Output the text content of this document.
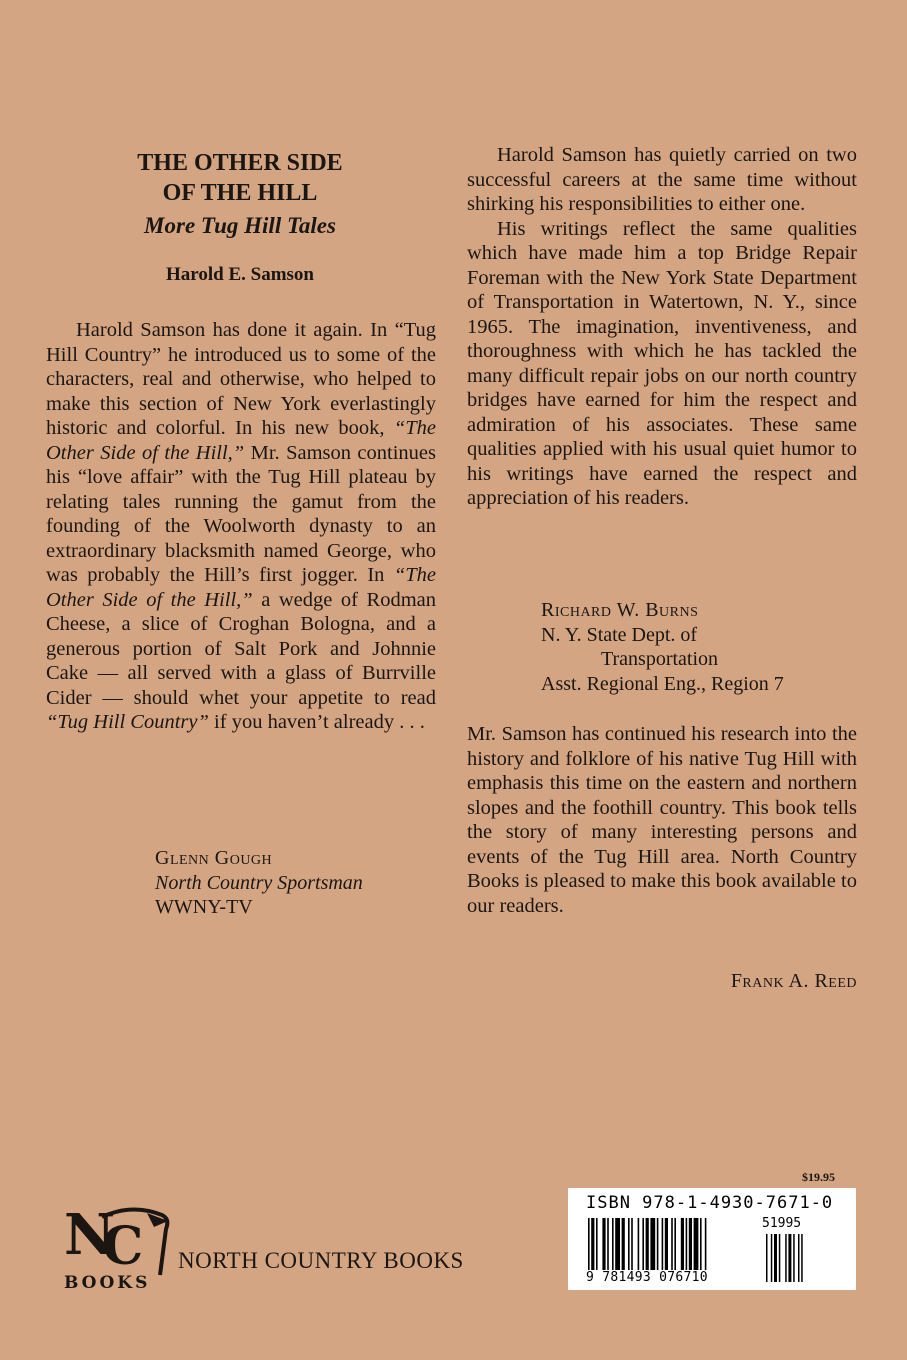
THE OTHER SIDE
OF THE HILL
More Tug Hill Tales
Harold E. Samson

Harold Samson has done it again. In “Tug Hill Country” he introduced us to some of the characters, real and otherwise, who helped to make this section of New York everlastingly historic and colorful. In his new book, “The Other Side of the Hill,” Mr. Samson continues his “love affair” with the Tug Hill plateau by relating tales running the gamut from the founding of the Woolworth dynasty to an extraordinary blacksmith named George, who was probably the Hill’s first jogger. In “The Other Side of the Hill,” a wedge of Rodman Cheese, a slice of Croghan Bologna, and a generous portion of Salt Pork and Johnnie Cake — all served with a glass of Burrville Cider — should whet your appetite to read “Tug Hill Country” if you haven’t already . . .

Glenn Gough
North Country Sportsman
WWNY-TV

Harold Samson has quietly carried on two successful careers at the same time without shirking his responsibilities to either one.

His writings reflect the same qualities which have made him a top Bridge Repair Foreman with the New York State Department of Transportation in Watertown, N. Y., since 1965. The imagination, inventiveness, and thoroughness with which he has tackled the many difficult repair jobs on our north country bridges have earned for him the respect and admiration of his associates. These same qualities applied with his usual quiet humor to his writings have earned the respect and appreciation of his readers.

Richard W. Burns
N. Y. State Dept. of
Transportation
Asst. Regional Eng., Region 7

Mr. Samson has continued his research into the history and folklore of his native Tug Hill with emphasis this time on the eastern and northern slopes and the foothill country. This book tells the story of many interesting persons and events of the Tug Hill area. North Country Books is pleased to make this book available to our readers.

Frank A. Reed
$19.95
ISBN 978-1-4930-7671-0
51995
9 781493 076710
N
C
BOOKS
NORTH COUNTRY BOOKS
